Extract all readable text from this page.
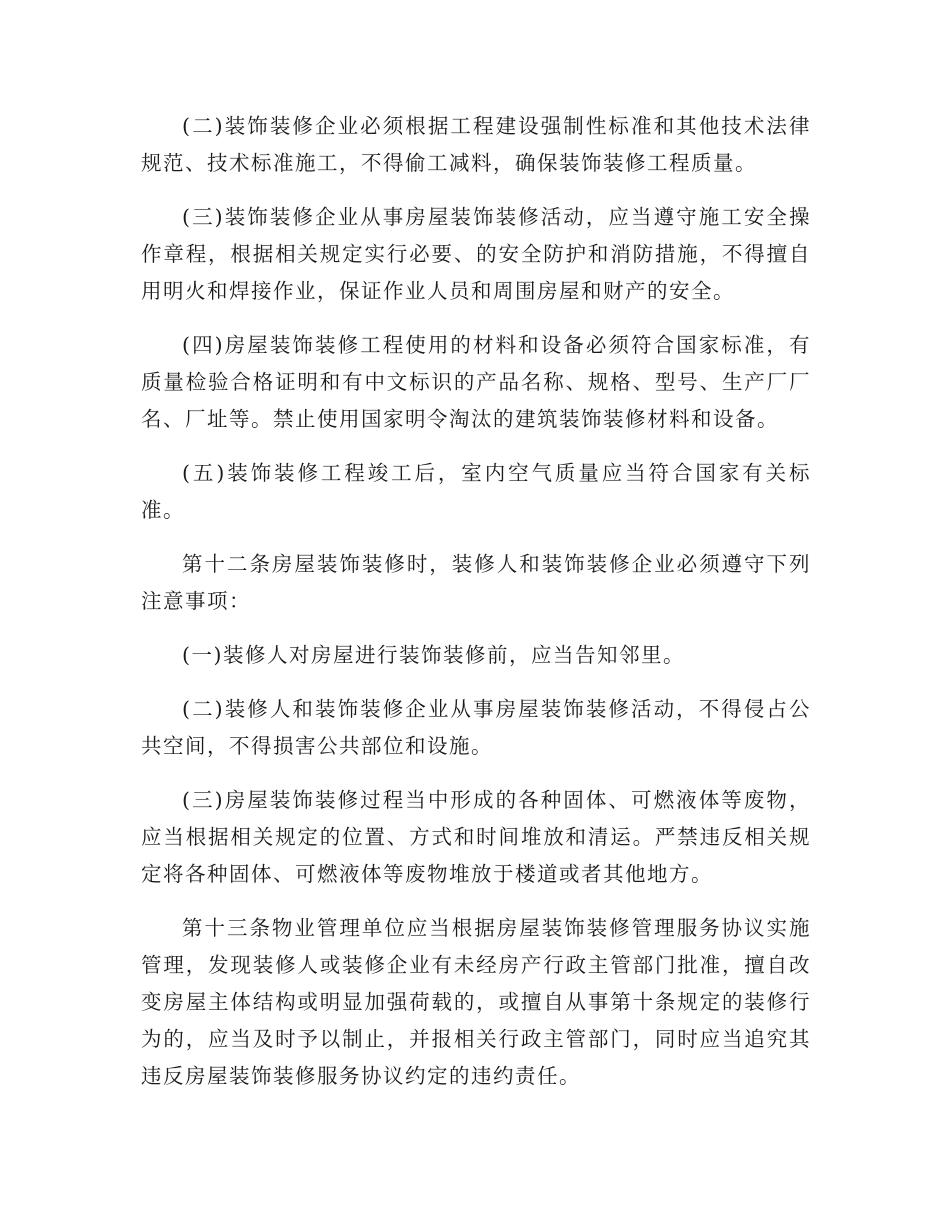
(二)装饰装修企业必须根据工程建设强制性标准和其他技术法律规范、技术标准施工，不得偷工减料，确保装饰装修工程质量。

(三)装饰装修企业从事房屋装饰装修活动，应当遵守施工安全操作章程，根据相关规定实行必要、的安全防护和消防措施，不得擅自用明火和焊接作业，保证作业人员和周围房屋和财产的安全。

(四)房屋装饰装修工程使用的材料和设备必须符合国家标准，有质量检验合格证明和有中文标识的产品名称、规格、型号、生产厂厂名、厂址等。禁止使用国家明令淘汰的建筑装饰装修材料和设备。

(五)装饰装修工程竣工后，室内空气质量应当符合国家有关标准。

第十二条房屋装饰装修时，装修人和装饰装修企业必须遵守下列注意事项：

(一)装修人对房屋进行装饰装修前，应当告知邻里。

(二)装修人和装饰装修企业从事房屋装饰装修活动，不得侵占公共空间，不得损害公共部位和设施。

(三)房屋装饰装修过程当中形成的各种固体、可燃液体等废物，应当根据相关规定的位置、方式和时间堆放和清运。严禁违反相关规定将各种固体、可燃液体等废物堆放于楼道或者其他地方。

第十三条物业管理单位应当根据房屋装饰装修管理服务协议实施管理，发现装修人或装修企业有未经房产行政主管部门批准，擅自改变房屋主体结构或明显加强荷载的，或擅自从事第十条规定的装修行为的，应当及时予以制止，并报相关行政主管部门，同时应当追究其违反房屋装饰装修服务协议约定的违约责任。
